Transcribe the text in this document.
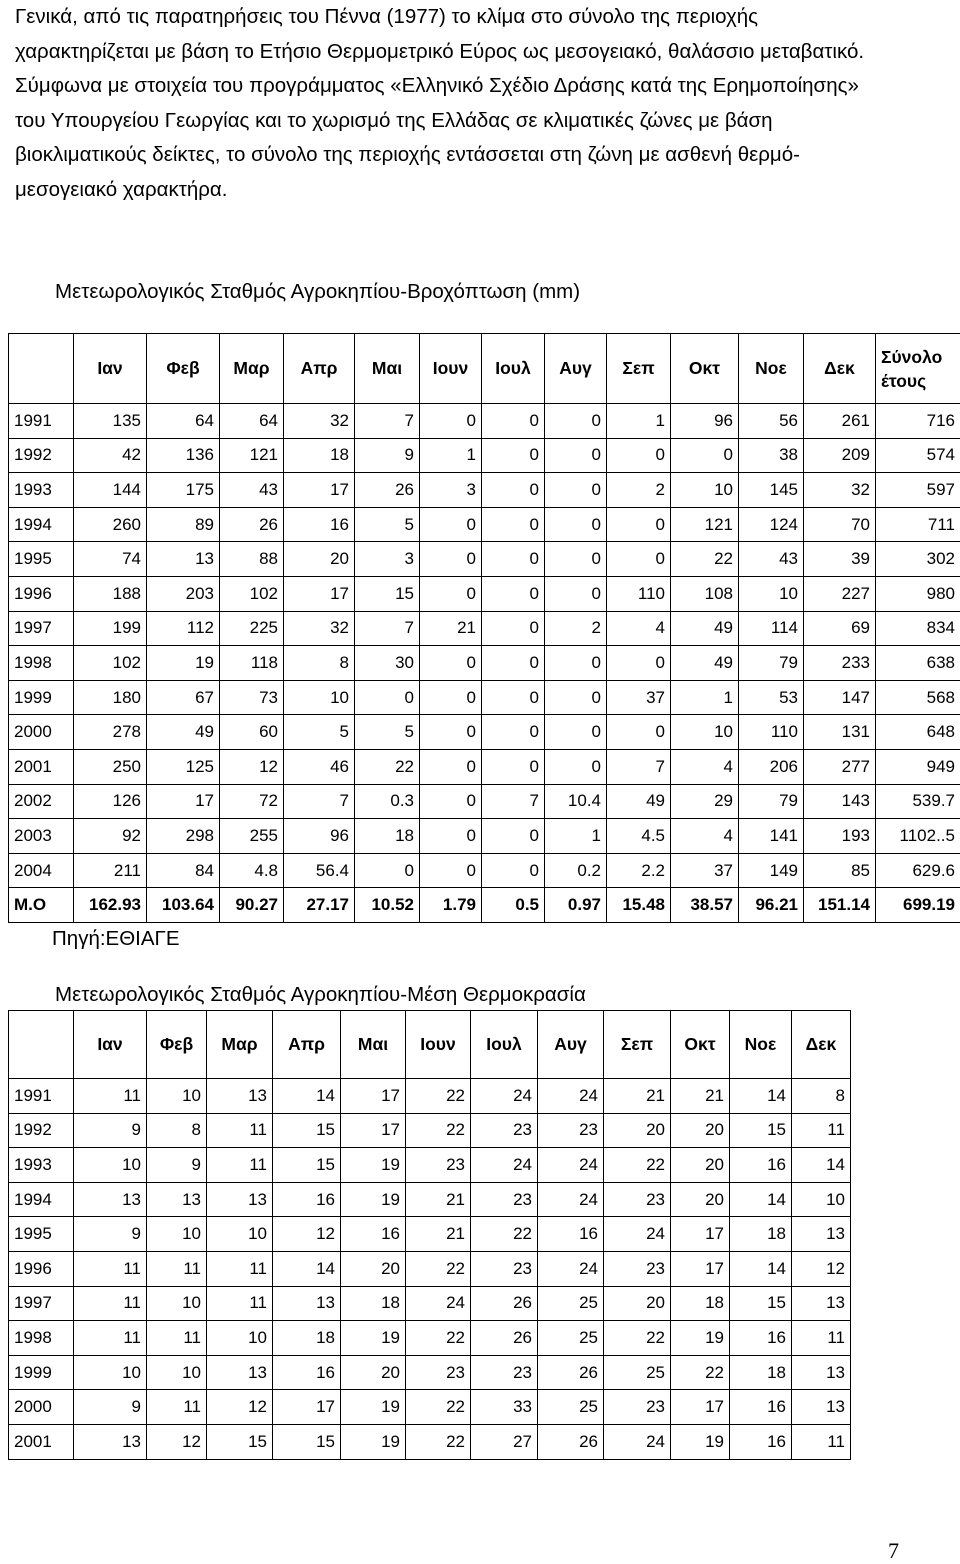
Γενικά, από τις παρατηρήσεις του Πέννα (1977) το κλίμα στο σύνολο της περιοχής
χαρακτηρίζεται με βάση το Ετήσιο Θερμομετρικό Εύρος ως μεσογειακό, θαλάσσιο μεταβατικό.
Σύμφωνα με στοιχεία του προγράμματος «Ελληνικό Σχέδιο Δράσης κατά της Ερημοποίησης»
του Υπουργείου Γεωργίας και το χωρισμό της Ελλάδας σε κλιματικές ζώνες με βάση
βιοκλιματικούς δείκτες, το σύνολο της περιοχής εντάσσεται στη ζώνη με ασθενή θερμό-
μεσογειακό χαρακτήρα.
Μετεωρολογικός Σταθμός Αγροκηπίου-Βροχόπτωση (mm)
	Ιαν	Φεβ	Μαρ	Απρ	Μαι	Ιουν	Ιουλ	Αυγ	Σεπ	Οκτ	Νοε	Δεκ	Σύνολο
έτους

1991	135	64	64	32	7	0	0	0	1	96	56	261	716
1992	42	136	121	18	9	1	0	0	0	0	38	209	574
1993	144	175	43	17	26	3	0	0	2	10	145	32	597
1994	260	89	26	16	5	0	0	0	0	121	124	70	711
1995	74	13	88	20	3	0	0	0	0	22	43	39	302
1996	188	203	102	17	15	0	0	0	110	108	10	227	980
1997	199	112	225	32	7	21	0	2	4	49	114	69	834
1998	102	19	118	8	30	0	0	0	0	49	79	233	638
1999	180	67	73	10	0	0	0	0	37	1	53	147	568
2000	278	49	60	5	5	0	0	0	0	10	110	131	648
2001	250	125	12	46	22	0	0	0	7	4	206	277	949
2002	126	17	72	7	0.3	0	7	10.4	49	29	79	143	539.7
2003	92	298	255	96	18	0	0	1	4.5	4	141	193	1102..5
2004	211	84	4.8	56.4	0	0	0	0.2	2.2	37	149	85	629.6
Μ.Ο	162.93	103.64	90.27	27.17	10.52	1.79	0.5	0.97	15.48	38.57	96.21	151.14	699.19
Πηγή:ΕΘΙΑΓΕ
Μετεωρολογικός Σταθμός Αγροκηπίου-Μέση Θερμοκρασία
	Ιαν	Φεβ	Μαρ	Απρ	Μαι	Ιουν	Ιουλ	Αυγ	Σεπ	Οκτ	Νοε	Δεκ
1991	11	10	13	14	17	22	24	24	21	21	14	8
1992	9	8	11	15	17	22	23	23	20	20	15	11
1993	10	9	11	15	19	23	24	24	22	20	16	14
1994	13	13	13	16	19	21	23	24	23	20	14	10
1995	9	10	10	12	16	21	22	16	24	17	18	13
1996	11	11	11	14	20	22	23	24	23	17	14	12
1997	11	10	11	13	18	24	26	25	20	18	15	13
1998	11	11	10	18	19	22	26	25	22	19	16	11
1999	10	10	13	16	20	23	23	26	25	22	18	13
2000	9	11	12	17	19	22	33	25	23	17	16	13
2001	13	12	15	15	19	22	27	26	24	19	16	11
7
